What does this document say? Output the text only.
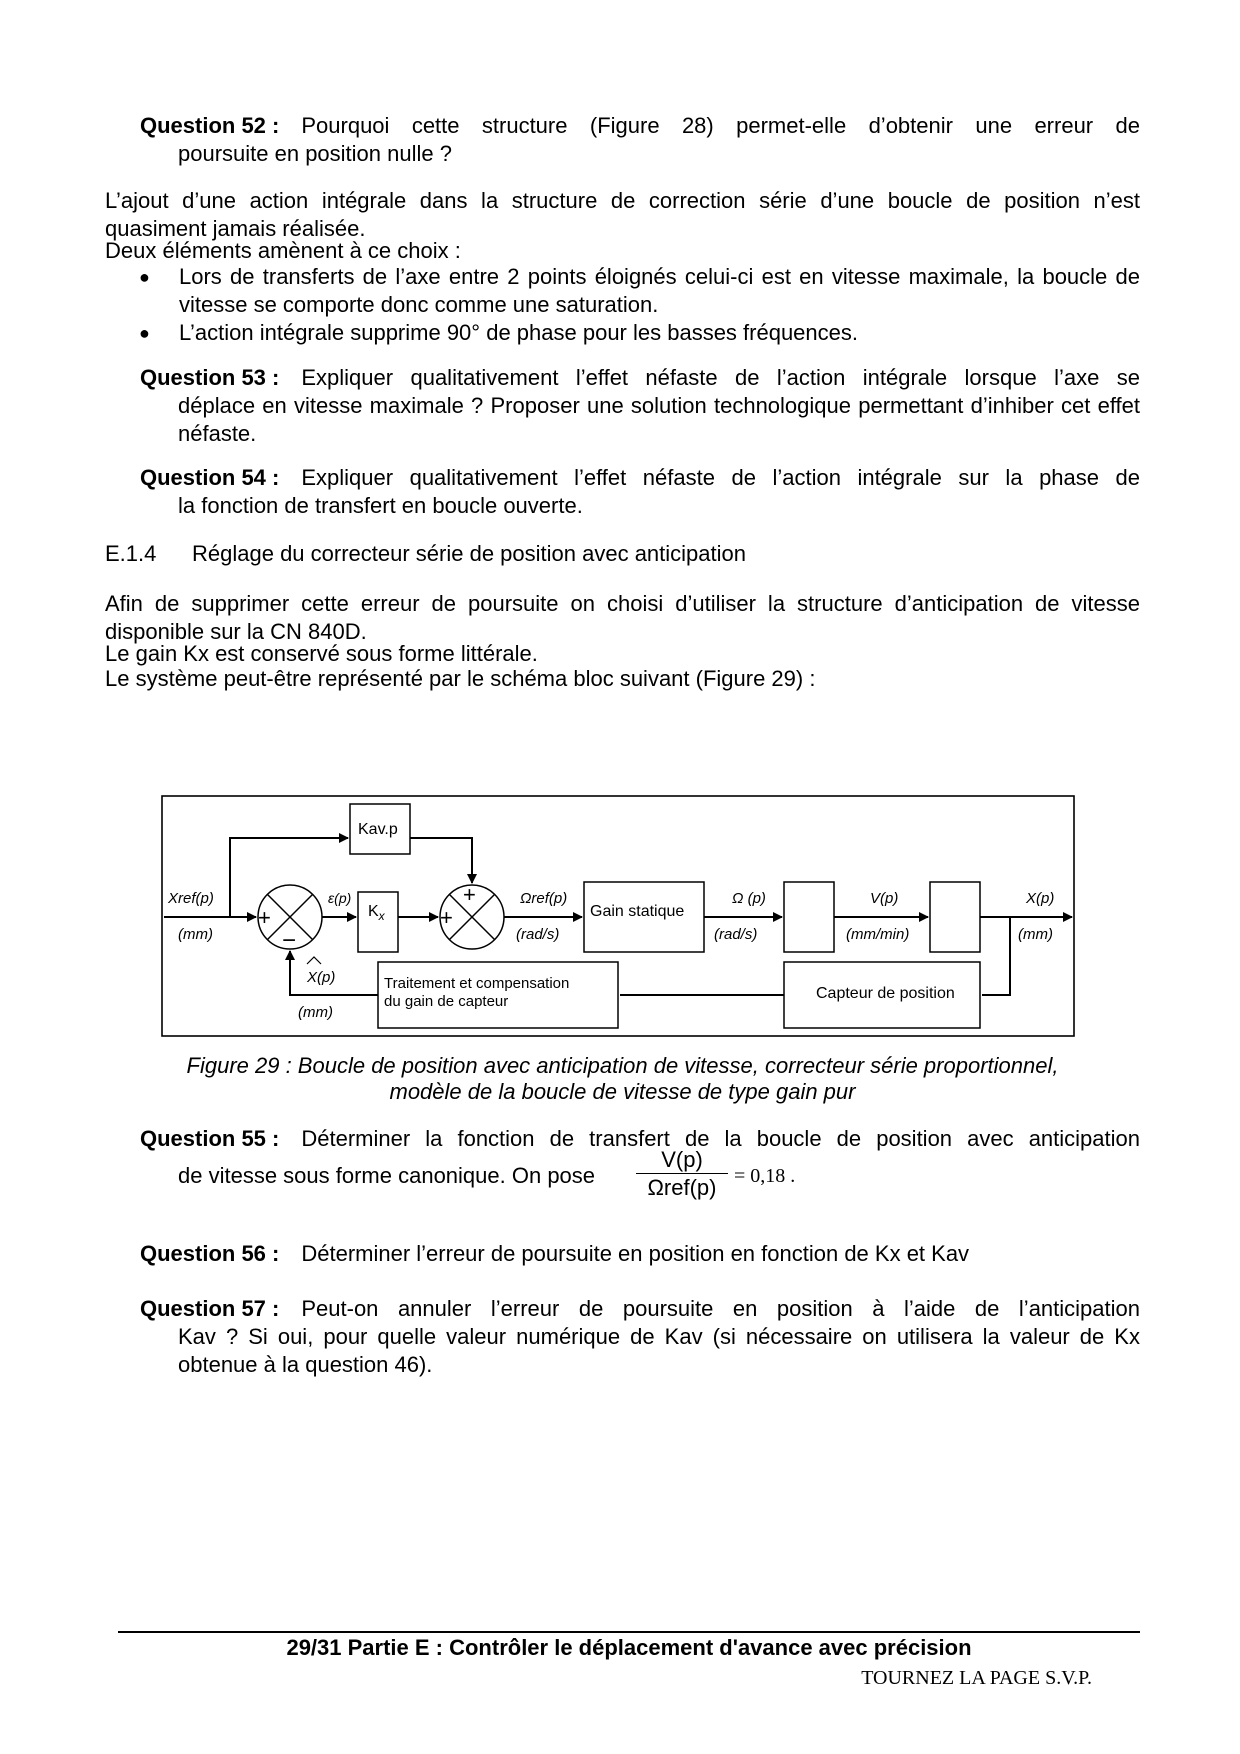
Question 52 : Pourquoi cette structure (Figure 28) permet-elle d’obtenir une erreur de
poursuite en position nulle ?
L’ajout d’une action intégrale dans la structure de correction série d’une boucle de position n’est quasiment jamais réalisée.
Deux éléments amènent à ce choix :
● Lors de transferts de l’axe entre 2 points éloignés celui-ci est en vitesse maximale, la boucle de vitesse se comporte donc comme une saturation.
● L’action intégrale supprime 90° de phase pour les basses fréquences.
Question 53 : Expliquer qualitativement l’effet néfaste de l’action intégrale lorsque l’axe se
déplace en vitesse maximale ? Proposer une solution technologique permettant d’inhiber cet effet néfaste.
Question 54 : Expliquer qualitativement l’effet néfaste de l’action intégrale sur la phase de
la fonction de transfert en boucle ouverte.
E.1.4 Réglage du correcteur série de position avec anticipation
Afin de supprimer cette erreur de poursuite on choisi d’utiliser la structure d’anticipation de vitesse disponible sur la CN 840D.
Le gain Kx est conservé sous forme littérale.
Le système peut-être représenté par le schéma bloc suivant (Figure 29) :
+
−
+
+
Kav.p
$K_x$	Gain statique
Capteur de position
Traitement et compensation
du gain de capteur
Xref(p)
(mm)
ε(p)	Ωref(p)
(rad/s)
Ω (p)
(rad/s)
V(p)
(mm/min)
X(p)
(mm)
X(p)
(mm)
Figure 29 : Boucle de position avec anticipation de vitesse, correcteur série proportionnel,
modèle de la boucle de vitesse de type gain pur
Question 55 : Déterminer la fonction de transfert de la boucle de position avec anticipation
de vitesse sous forme canonique. On pose
V(p)
Ωref(p) = 0,18 .
Question 56 : Déterminer l’erreur de poursuite en position en fonction de Kx et Kav
Question 57 : Peut-on annuler l’erreur de poursuite en position à l’aide de l’anticipation
Kav ? Si oui, pour quelle valeur numérique de Kav (si nécessaire on utilisera la valeur de Kx obtenue à la question 46).
29/31 Partie E : Contrôler le déplacement d'avance avec précision
TOURNEZ LA PAGE S.V.P.
